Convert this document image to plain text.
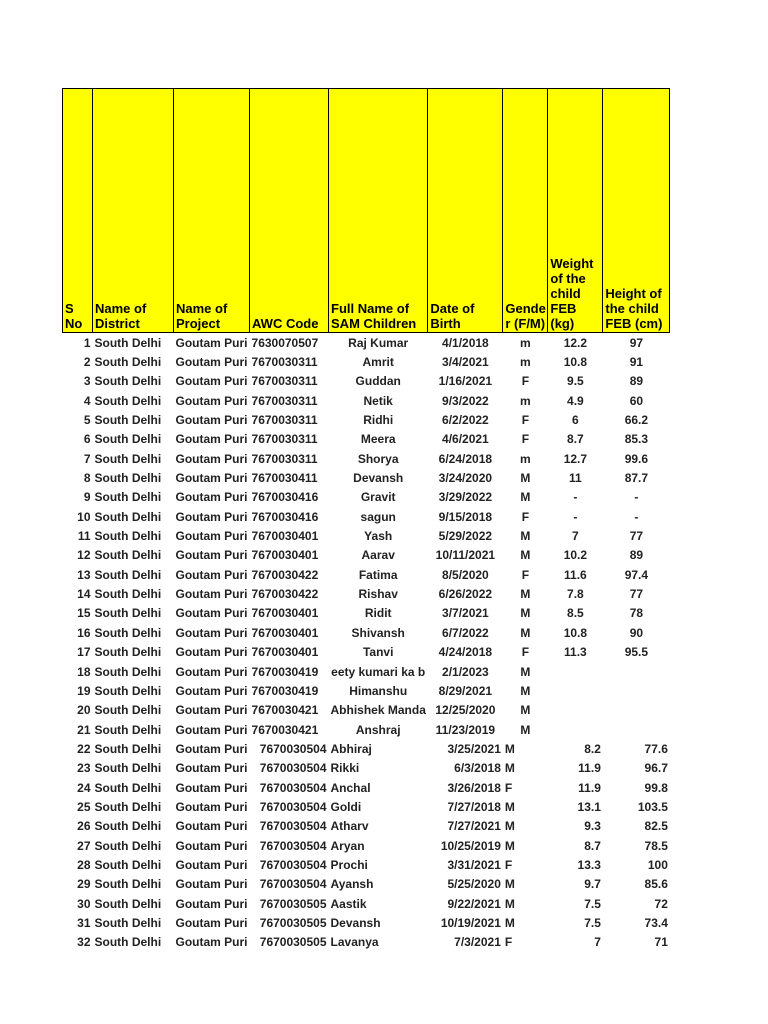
S No	Name of District	Name of Project	AWC Code	Full Name of SAM Children	Date of Birth	Gende r (F/M)	Weight of the child FEB (kg)	Height of the child FEB (cm)
1	South Delhi	Goutam Puri	7630070507	Raj Kumar	4/1/2018	m	12.2	97
2	South Delhi	Goutam Puri	7670030311	Amrit	3/4/2021	m	10.8	91
3	South Delhi	Goutam Puri	7670030311	Guddan	1/16/2021	F	9.5	89
4	South Delhi	Goutam Puri	7670030311	Netik	9/3/2022	m	4.9	60
5	South Delhi	Goutam Puri	7670030311	Ridhi	6/2/2022	F	6	66.2
6	South Delhi	Goutam Puri	7670030311	Meera	4/6/2021	F	8.7	85.3
7	South Delhi	Goutam Puri	7670030311	Shorya	6/24/2018	m	12.7	99.6
8	South Delhi	Goutam Puri	7670030411	Devansh	3/24/2020	M	11	87.7
9	South Delhi	Goutam Puri	7670030416	Gravit	3/29/2022	M	-	-
10	South Delhi	Goutam Puri	7670030416	sagun	9/15/2018	F	-	-
11	South Delhi	Goutam Puri	7670030401	Yash	5/29/2022	M	7	77
12	South Delhi	Goutam Puri	7670030401	Aarav	10/11/2021	M	10.2	89
13	South Delhi	Goutam Puri	7670030422	Fatima	8/5/2020	F	11.6	97.4
14	South Delhi	Goutam Puri	7670030422	Rishav	6/26/2022	M	7.8	77
15	South Delhi	Goutam Puri	7670030401	Ridit	3/7/2021	M	8.5	78
16	South Delhi	Goutam Puri	7670030401	Shivansh	6/7/2022	M	10.8	90
17	South Delhi	Goutam Puri	7670030401	Tanvi	4/24/2018	F	11.3	95.5
18	South Delhi	Goutam Puri	7670030419	eety kumari ka b	2/1/2023	M		
19	South Delhi	Goutam Puri	7670030419	Himanshu	8/29/2021	M		
20	South Delhi	Goutam Puri	7670030421	Abhishek Manda	12/25/2020	M		
21	South Delhi	Goutam Puri	7670030421	Anshraj	11/23/2019	M		
22	South Delhi	Goutam Puri	7670030504	Abhiraj	3/25/2021	M	8.2	77.6
23	South Delhi	Goutam Puri	7670030504	Rikki	6/3/2018	M	11.9	96.7
24	South Delhi	Goutam Puri	7670030504	Anchal	3/26/2018	F	11.9	99.8
25	South Delhi	Goutam Puri	7670030504	Goldi	7/27/2018	M	13.1	103.5
26	South Delhi	Goutam Puri	7670030504	Atharv	7/27/2021	M	9.3	82.5
27	South Delhi	Goutam Puri	7670030504	Aryan	10/25/2019	M	8.7	78.5
28	South Delhi	Goutam Puri	7670030504	Prochi	3/31/2021	F	13.3	100
29	South Delhi	Goutam Puri	7670030504	Ayansh	5/25/2020	M	9.7	85.6
30	South Delhi	Goutam Puri	7670030505	Aastik	9/22/2021	M	7.5	72
31	South Delhi	Goutam Puri	7670030505	Devansh	10/19/2021	M	7.5	73.4
32	South Delhi	Goutam Puri	7670030505	Lavanya	7/3/2021	F	7	71
